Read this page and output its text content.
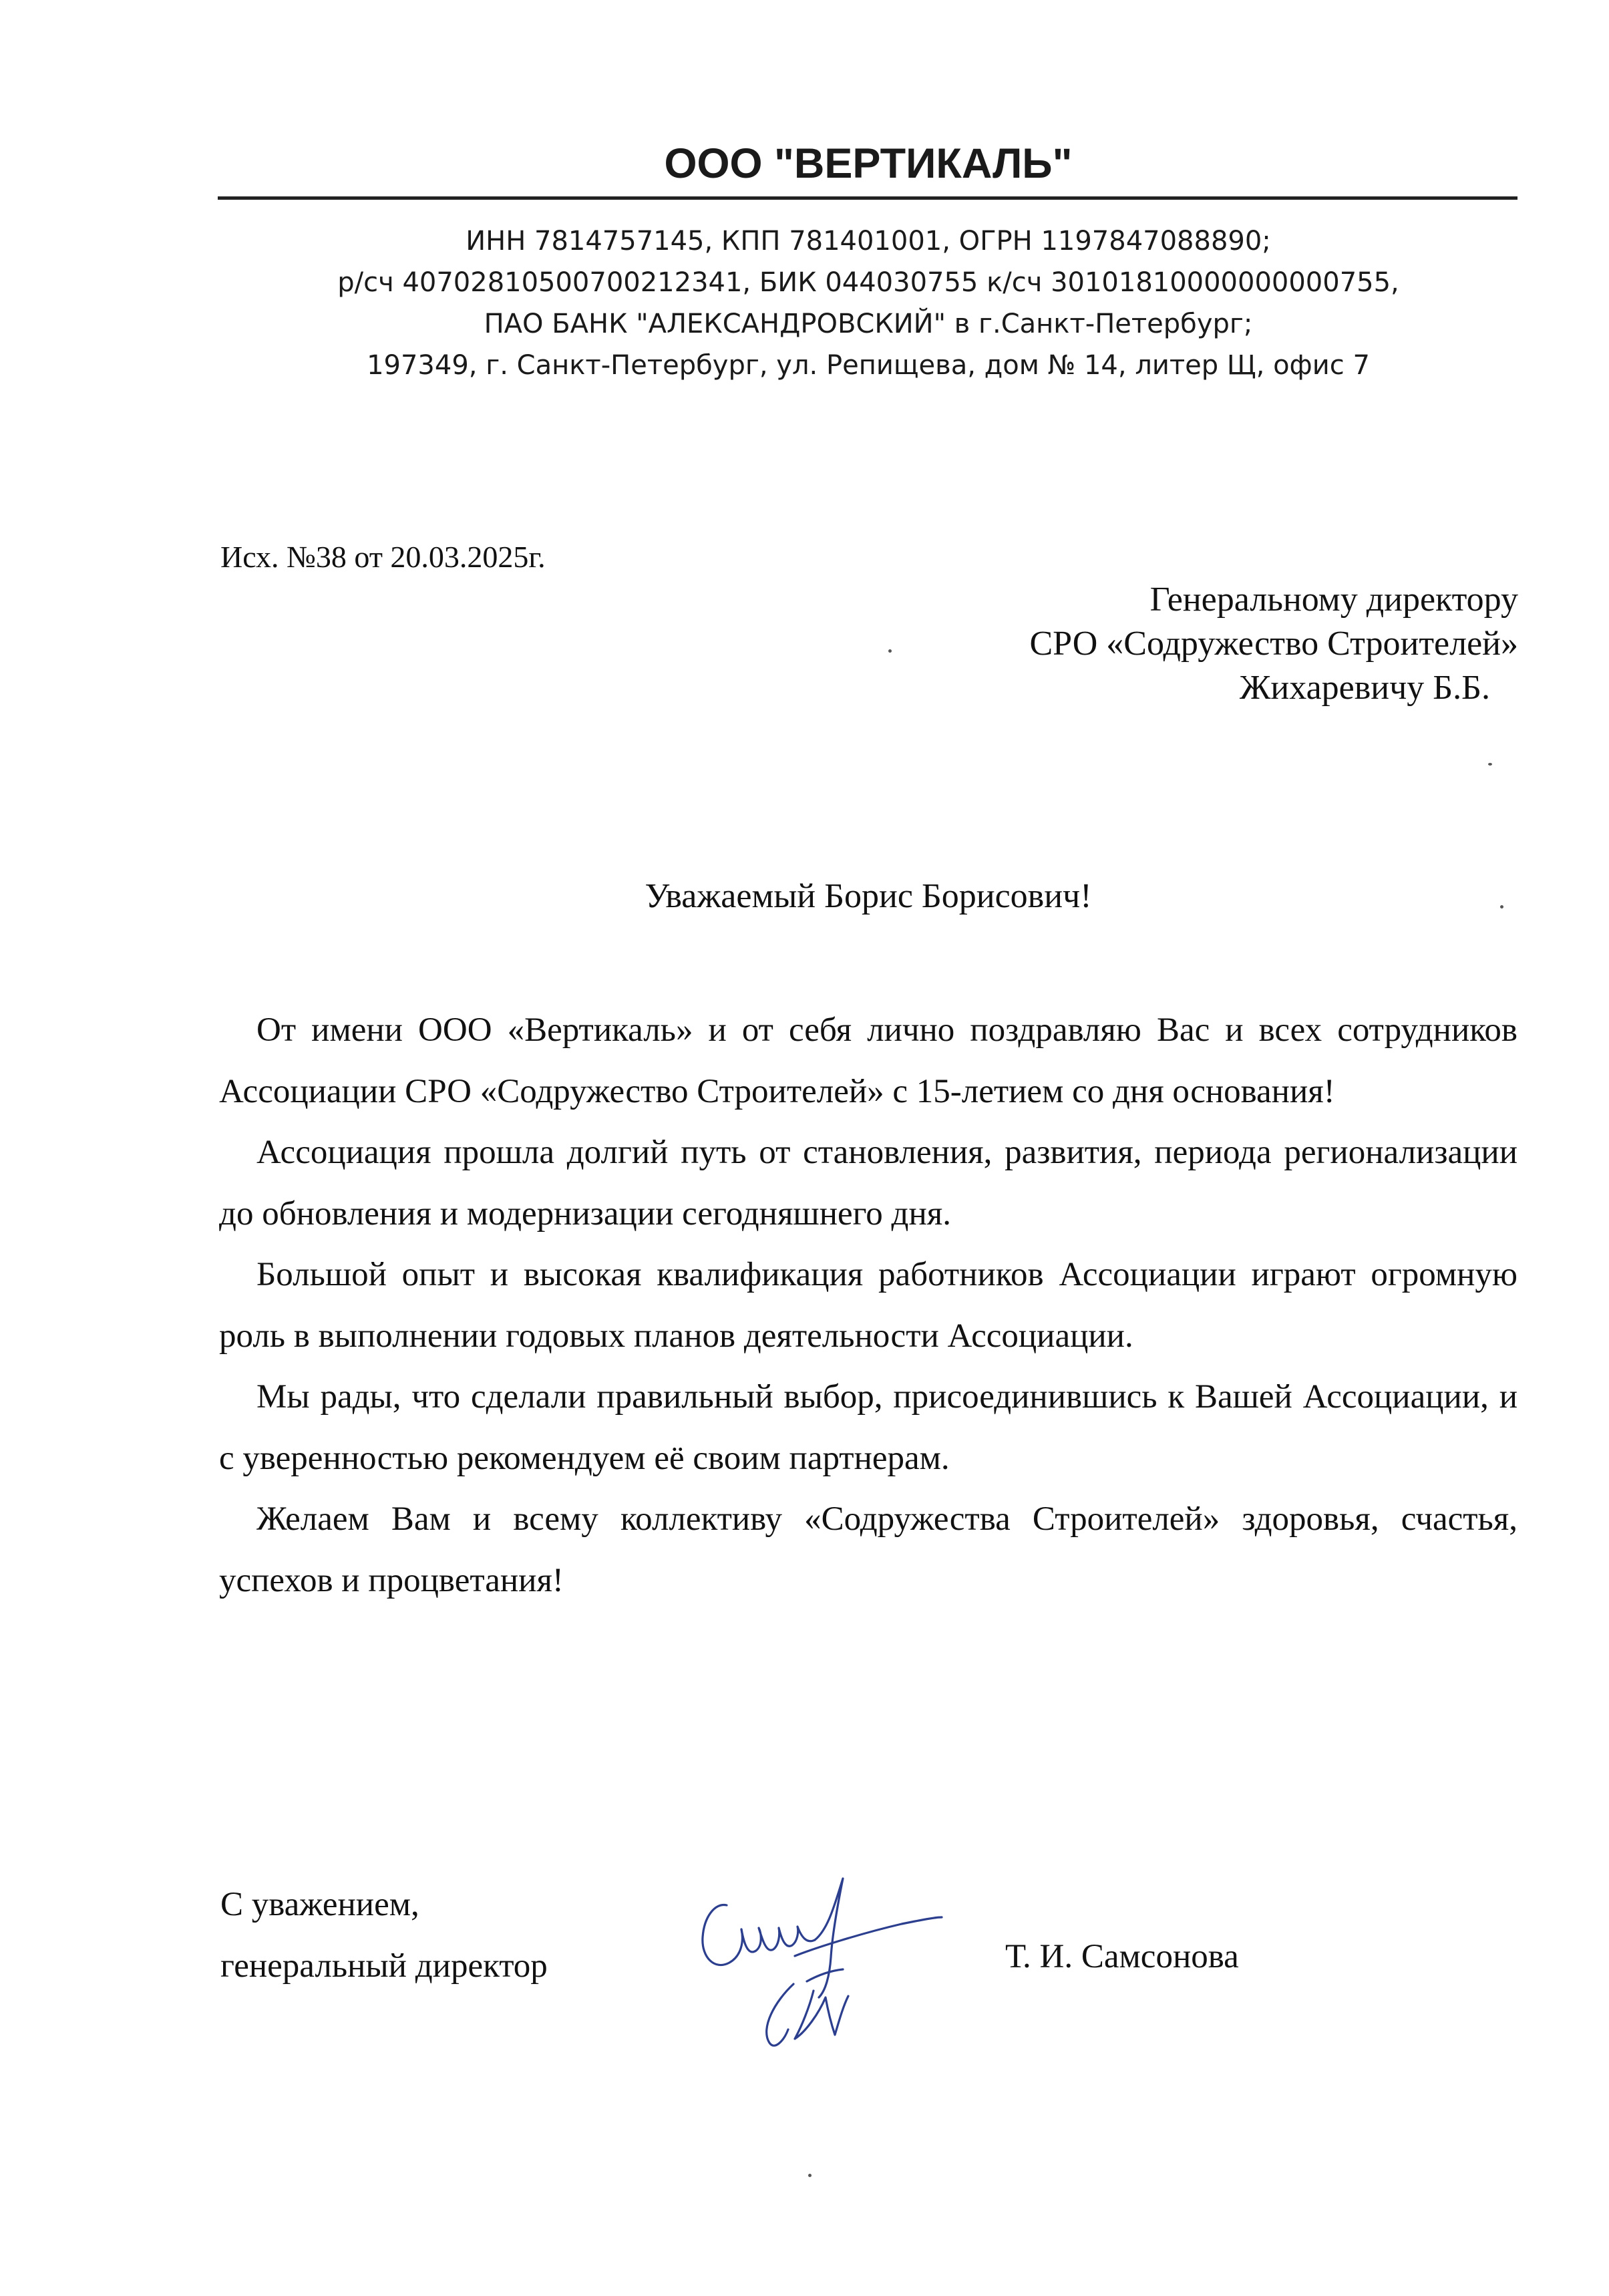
ООО "ВЕРТИКАЛЬ"
ИНН 7814757145, КПП 781401001, ОГРН 1197847088890;
р/сч 40702810500700212341, БИК 044030755 к/сч 30101810000000000755,
ПАО БАНК "АЛЕКСАНДРОВСКИЙ" в г.Санкт-Петербург;
197349, г. Санкт-Петербург, ул. Репищева, дом № 14, литер Щ, офис 7
Исх. №38 от 20.03.2025г.
Генеральному директору
СРО «Содружество Строителей»
Жихаревичу Б.Б.
Уважаемый Борис Борисович!

От имени ООО «Вертикаль» и от себя лично поздравляю Вас и всех сотрудников Ассоциации СРО «Содружество Строителей» с 15-летием со дня основания!

Ассоциация прошла долгий путь от становления, развития, периода регионализации до обновления и модернизации сегодняшнего дня.

Большой опыт и высокая квалификация работников Ассоциации играют огромную роль в выполнении годовых планов деятельности Ассоциации.

Мы рады, что сделали правильный выбор, присоединившись к Вашей Ассоциации, и с уверенностью рекомендуем её своим партнерам.

Желаем Вам и всему коллективу «Содружества Строителей» здоровья, счастья, успехов и процветания!

С уважением,
генеральный директор	Т. И. Самсонова
